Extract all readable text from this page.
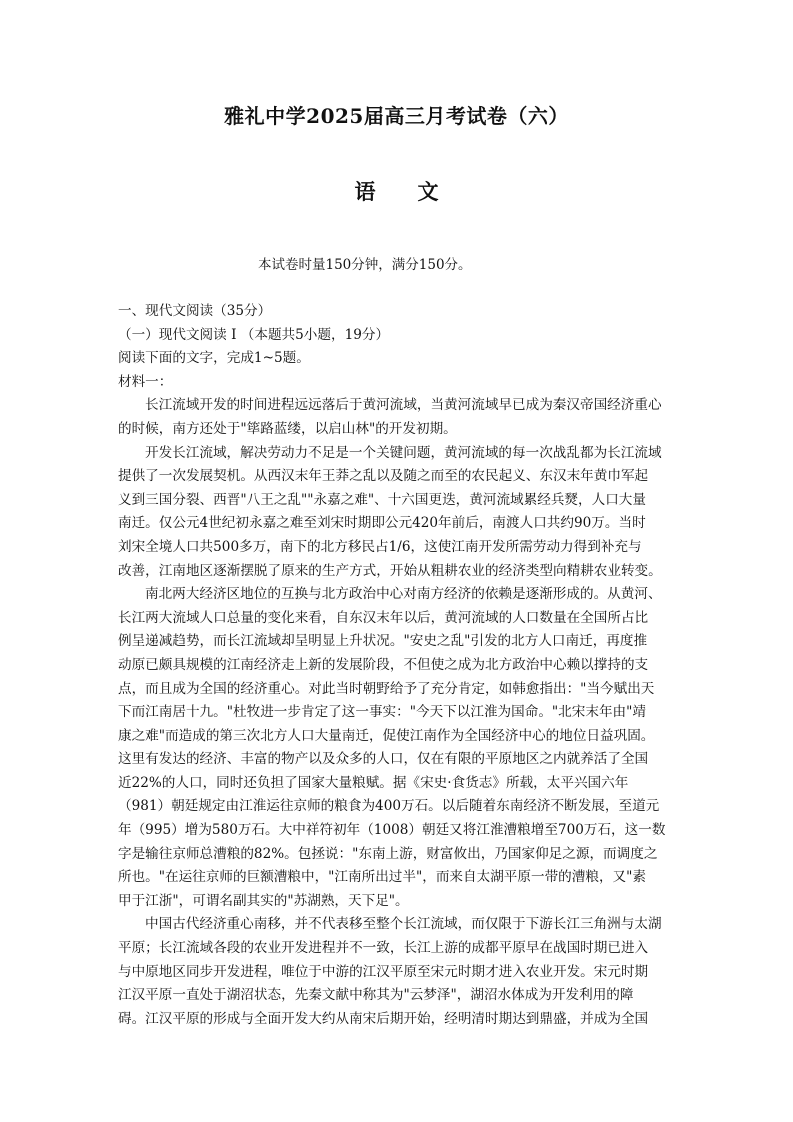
雅礼中学2025届高三月考试卷（六）
语文
本试卷时量150分钟，满分150分。
一、现代文阅读（35分）
（一）现代文阅读 I （本题共5小题，19分）
阅读下面的文字，完成1~5题。
材料一：
长江流域开发的时间进程远远落后于黄河流域，当黄河流域早已成为秦汉帝国经济重心
的时候，南方还处于"筚路蓝缕，以启山林"的开发初期。
开发长江流域，解决劳动力不足是一个关键问题，黄河流域的每一次战乱都为长江流域
提供了一次发展契机。从西汉末年王莽之乱以及随之而至的农民起义、东汉末年黄巾军起
义到三国分裂、西晋"八王之乱""永嘉之难"、十六国更迭，黄河流域累经兵燹，人口大量
南迁。仅公元4世纪初永嘉之难至刘宋时期即公元420年前后，南渡人口共约90万。当时
刘宋全境人口共500多万，南下的北方移民占1/6，这使江南开发所需劳动力得到补充与
改善，江南地区逐渐摆脱了原来的生产方式，开始从粗耕农业的经济类型向精耕农业转变。
南北两大经济区地位的互换与北方政治中心对南方经济的依赖是逐渐形成的。从黄河、
长江两大流域人口总量的变化来看，自东汉末年以后，黄河流域的人口数量在全国所占比
例呈递减趋势，而长江流域却呈明显上升状况。"安史之乱"引发的北方人口南迁，再度推
动原已颇具规模的江南经济走上新的发展阶段，不但使之成为北方政治中心赖以撑持的支
点，而且成为全国的经济重心。对此当时朝野给予了充分肯定，如韩愈指出："当今赋出天
下而江南居十九。"杜牧进一步肯定了这一事实："今天下以江淮为国命。"北宋末年由"靖
康之难"而造成的第三次北方人口大量南迁，促使江南作为全国经济中心的地位日益巩固。
这里有发达的经济、丰富的物产以及众多的人口，仅在有限的平原地区之内就养活了全国
近22%的人口，同时还负担了国家大量粮赋。据《宋史·食货志》所载，太平兴国六年
（981）朝廷规定由江淮运往京师的粮食为400万石。以后随着东南经济不断发展，至道元
年（995）增为580万石。大中祥符初年（1008）朝廷又将江淮漕粮增至700万石，这一数
字是输往京师总漕粮的82%。包拯说："东南上游，财富攸出，乃国家仰足之源，而调度之
所也。"在运往京师的巨额漕粮中，"江南所出过半"，而来自太湖平原一带的漕粮，又"素
甲于江浙"，可谓名副其实的"苏湖熟，天下足"。
中国古代经济重心南移，并不代表移至整个长江流域，而仅限于下游长江三角洲与太湖
平原；长江流域各段的农业开发进程并不一致，长江上游的成都平原早在战国时期已进入
与中原地区同步开发进程，唯位于中游的江汉平原至宋元时期才进入农业开发。宋元时期
江汉平原一直处于湖沼状态，先秦文献中称其为"云梦泽"，湖沼水体成为开发利用的障
碍。江汉平原的形成与全面开发大约从南宋后期开始，经明清时期达到鼎盛，并成为全国
